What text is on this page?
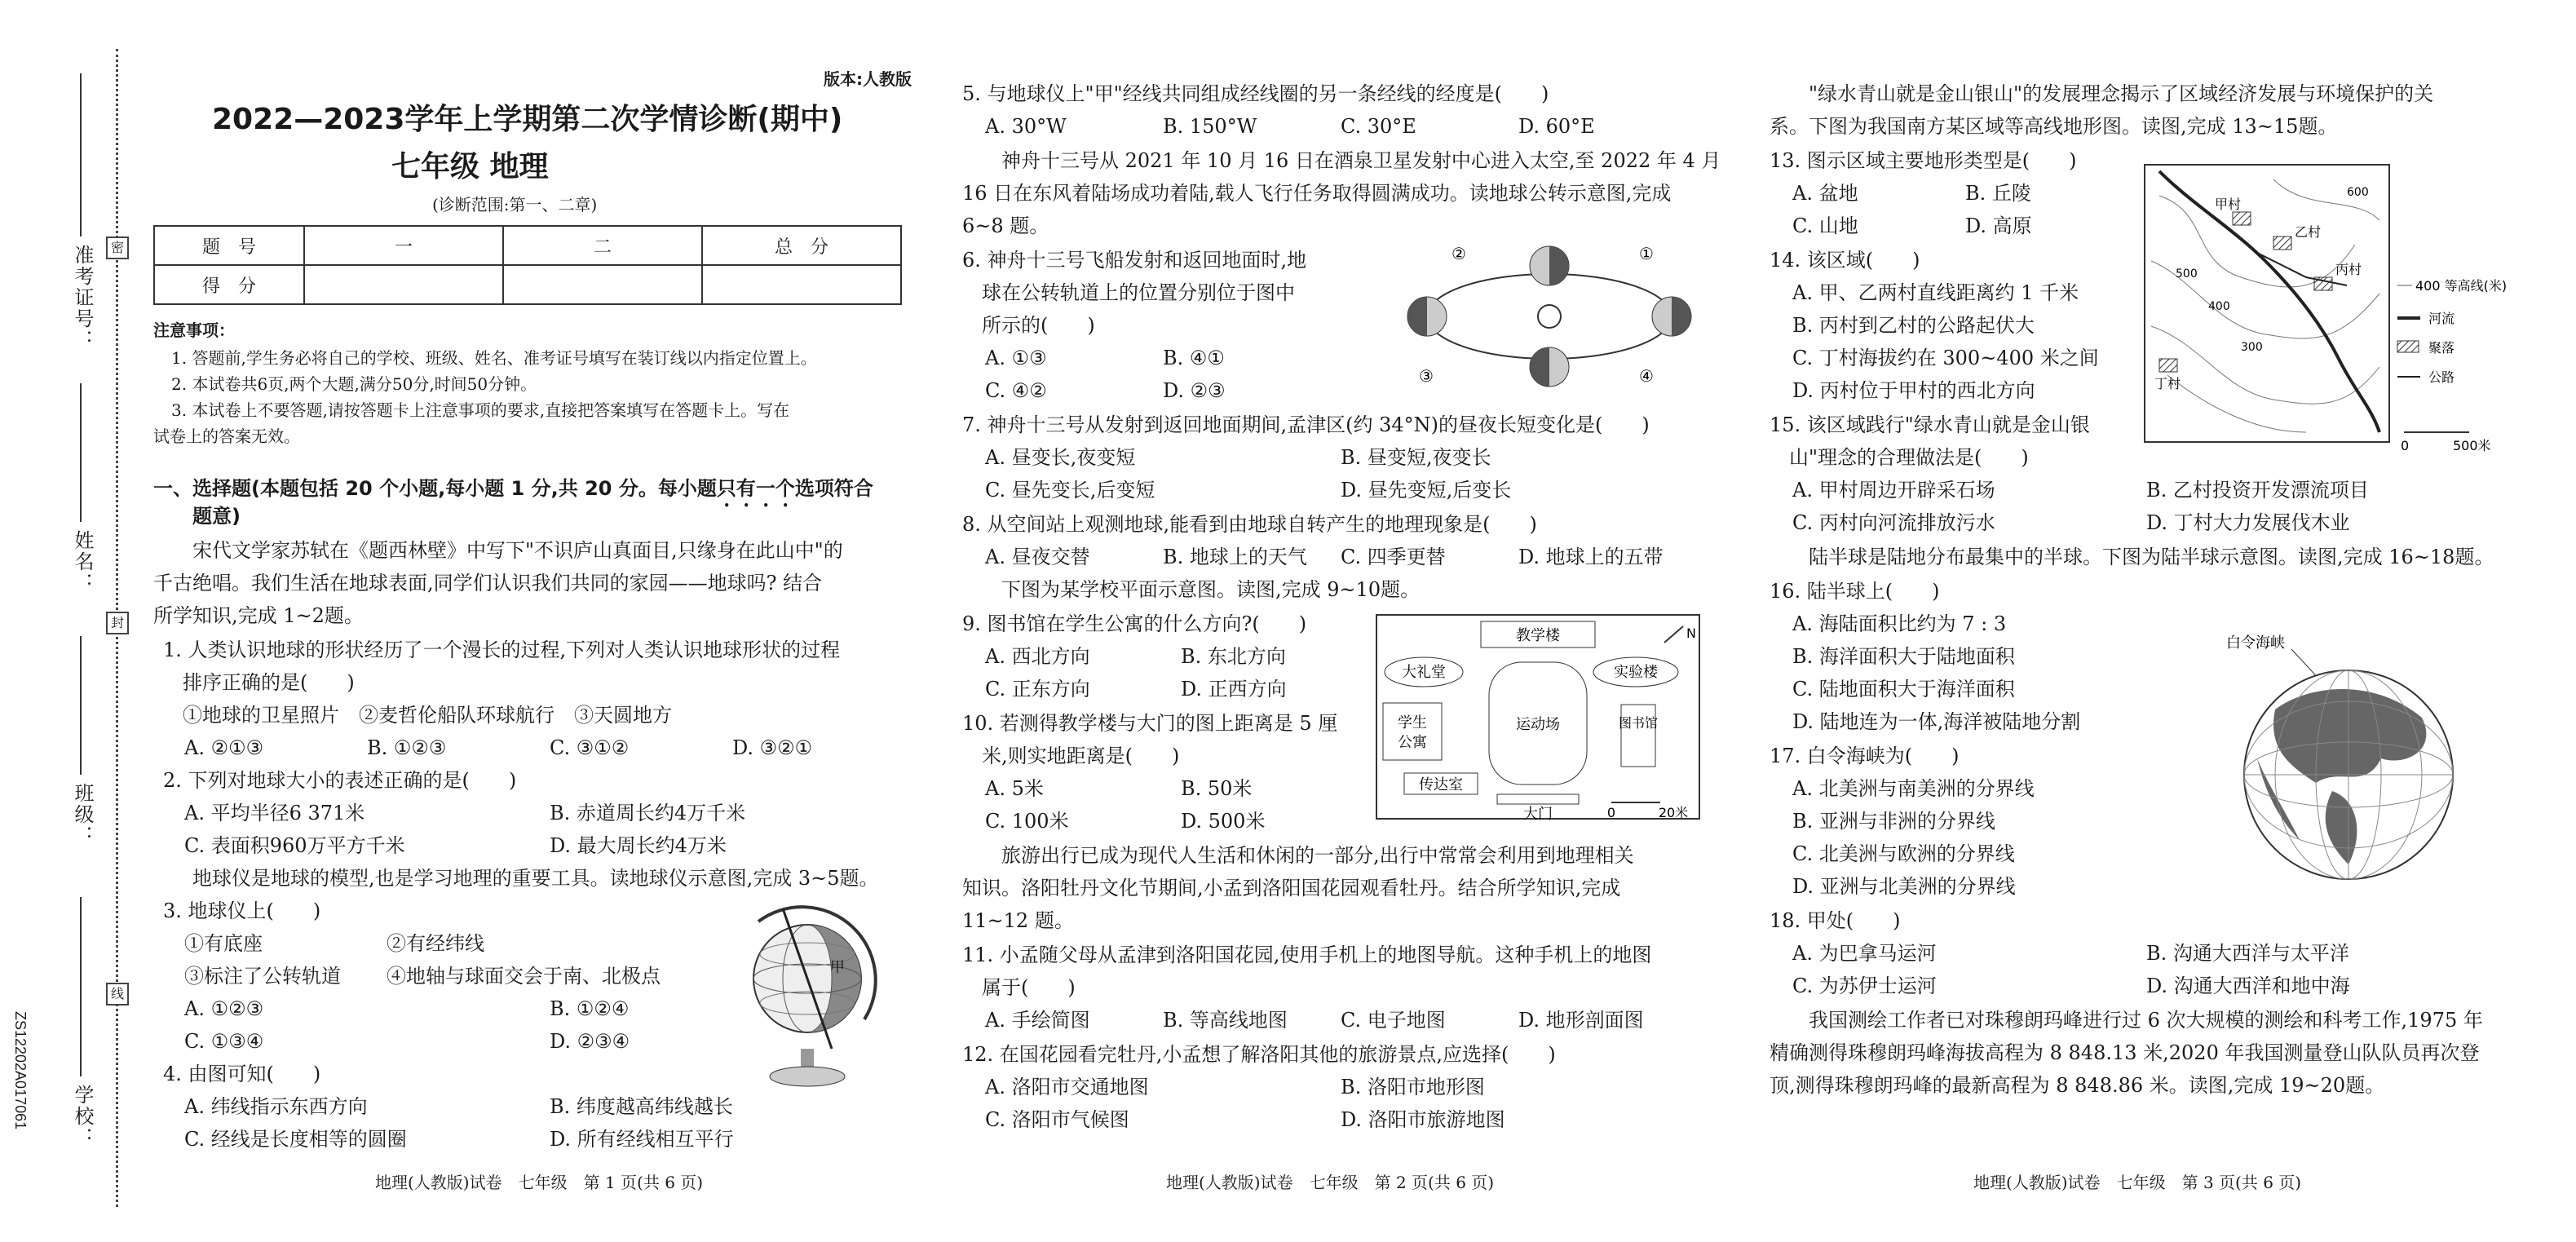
学校：
班级：
姓名：
准考证号：	密
封
线
ZS12202A017061
版本:人教版
2022—2023学年上学期第二次学情诊断(期中)
七年级 地理
(诊断范围:第一、二章)
题　号	一	二	总　分
得　分			
注意事项：
1. 答题前,学生务必将自己的学校、班级、姓名、准考证号填写在装订线以内指定位置上。
2. 本试卷共6页,两个大题,满分50分,时间50分钟。
3. 本试卷上不要答题,请按答题卡上注意事项的要求,直接把答案填写在答题卡上。写在
试卷上的答案无效。
一、选择题(本题包括 20 个小题,每小题 1 分,共 20 分。每小题只有一个选项符合
题意)
　　宋代文学家苏轼在《题西林壁》中写下"不识庐山真面目,只缘身在此山中"的
千古绝唱。我们生活在地球表面,同学们认识我们共同的家园——地球吗? 结合
所学知识,完成 1~2题。
1. 人类认识地球的形状经历了一个漫长的过程,下列对人类认识地球形状的过程
　排序正确的是(　　)
　①地球的卫星照片　②麦哲伦船队环球航行　③天圆地方
A. ②①③	B. ①②③	C. ③①②	D. ③②①
2. 下列对地球大小的表述正确的是(　　)
A. 平均半径6 371米	B. 赤道周长约4万千米
C. 表面积960万平方千米	D. 最大周长约4万米
　　地球仪是地球的模型,也是学习地理的重要工具。读地球仪示意图,完成 3~5题。
3. 地球仪上(　　)
①有底座	②有经纬线
③标注了公转轨道 ④地轴与球面交会于南、北极点
A. ①②③	B. ①②④
C. ①③④	D. ②③④
4. 由图可知(　　)
A. 纬线指示东西方向	B. 纬度越高纬线越长
C. 经线是长度相等的圆圈	D. 所有经线相互平行
甲
地理(人教版)试卷　七年级　第 1 页(共 6 页)
5. 与地球仪上"甲"经线共同组成经线圈的另一条经线的经度是(　　)
A. 30°W	B. 150°W	C. 30°E	D. 60°E
　　神舟十三号从 2021 年 10 月 16 日在酒泉卫星发射中心进入太空,至 2022 年 4 月
16 日在东风着陆场成功着陆,载人飞行任务取得圆满成功。读地球公转示意图,完成
6~8 题。
6. 神舟十三号飞船发射和返回地面时,地
　球在公转轨道上的位置分别位于图中
　所示的(　　)
A. ①③	B. ④①
C. ④②	D. ②③
②	①
③	④
7. 神舟十三号从发射到返回地面期间,孟津区(约 34°N)的昼夜长短变化是(　　)
A. 昼变长,夜变短	B. 昼变短,夜变长
C. 昼先变长,后变短	D. 昼先变短,后变长
8. 从空间站上观测地球,能看到由地球自转产生的地理现象是(　　)
A. 昼夜交替	B. 地球上的天气 C. 四季更替	D. 地球上的五带
　　下图为某学校平面示意图。读图,完成 9~10题。
9. 图书馆在学生公寓的什么方向?(　　)
A. 西北方向	B. 东北方向
C. 正东方向	D. 正西方向
10. 若测得教学楼与大门的图上距离是 5 厘
　米,则实地距离是(　　)
A. 5米	B. 50米
C. 100米	D. 500米
教学楼
大礼堂	实验楼
学生
公寓
运动场	图书馆
传达室
大门	0	20米
N
　　旅游出行已成为现代人生活和休闲的一部分,出行中常常会利用到地理相关
知识。洛阳牡丹文化节期间,小孟到洛阳国花园观看牡丹。结合所学知识,完成
11~12 题。
11. 小孟随父母从孟津到洛阳国花园,使用手机上的地图导航。这种手机上的地图
　属于(　　)
A. 手绘简图	B. 等高线地图	C. 电子地图	D. 地形剖面图
12. 在国花园看完牡丹,小孟想了解洛阳其他的旅游景点,应选择(　　)
A. 洛阳市交通地图	B. 洛阳市地形图
C. 洛阳市气候图	D. 洛阳市旅游地图
地理(人教版)试卷　七年级　第 2 页(共 6 页)
　　"绿水青山就是金山银山"的发展理念揭示了区域经济发展与环境保护的关
系。下图为我国南方某区域等高线地形图。读图,完成 13~15题。
13. 图示区域主要地形类型是(　　)
A. 盆地	B. 丘陵
C. 山地	D. 高原
14. 该区域(　　)
A. 甲、乙两村直线距离约 1 千米
B. 丙村到乙村的公路起伏大
C. 丁村海拔约在 300~400 米之间
D. 丙村位于甲村的西北方向
15. 该区域践行"绿水青山就是金山银
　山"理念的合理做法是(　　)
A. 甲村周边开辟采石场	B. 乙村投资开发漂流项目
C. 丙村向河流排放污水	D. 丁村大力发展伐木业
甲村
乙村
丙村
丁村
500
400
300
600
0	500米
400 等高线(米)
河流
聚落
公路
　　陆半球是陆地分布最集中的半球。下图为陆半球示意图。读图,完成 16~18题。
16. 陆半球上(　　)
A. 海陆面积比约为 7 : 3
B. 海洋面积大于陆地面积
C. 陆地面积大于海洋面积
D. 陆地连为一体,海洋被陆地分割
17. 白令海峡为(　　)
A. 北美洲与南美洲的分界线
B. 亚洲与非洲的分界线
C. 北美洲与欧洲的分界线
D. 亚洲与北美洲的分界线
白令海峡
18. 甲处(　　)
A. 为巴拿马运河	B. 沟通大西洋与太平洋
C. 为苏伊士运河	D. 沟通大西洋和地中海
　　我国测绘工作者已对珠穆朗玛峰进行过 6 次大规模的测绘和科考工作,1975 年
精确测得珠穆朗玛峰海拔高程为 8 848.13 米,2020 年我国测量登山队队员再次登
顶,测得珠穆朗玛峰的最新高程为 8 848.86 米。读图,完成 19~20题。
地理(人教版)试卷　七年级　第 3 页(共 6 页)
